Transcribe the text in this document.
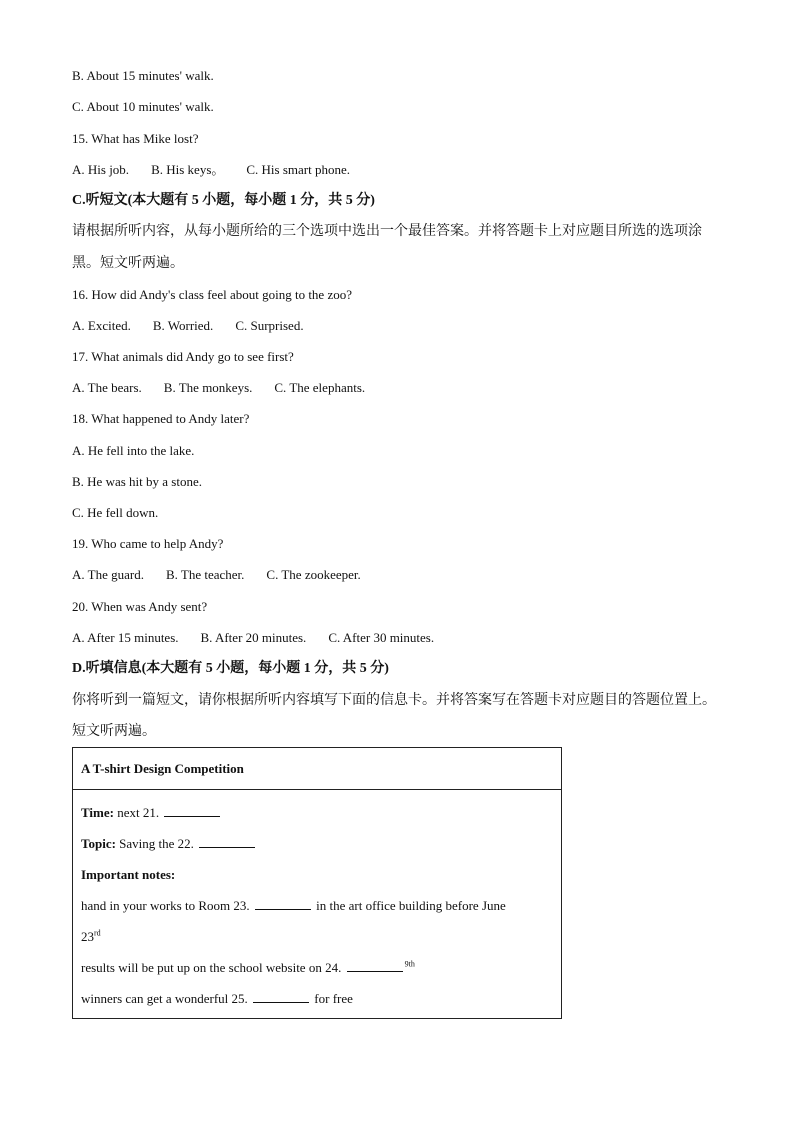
B. About 15 minutes' walk.
C. About 10 minutes' walk.
15. What has Mike lost?
A. His job. B. His keys。 C. His smart phone.
C.听短文(本大题有 5 小题，每小题 1 分，共 5 分)
请根据所听内容，从每小题所给的三个选项中选出一个最佳答案。并将答题卡上对应题目所选的选项涂
黑。短文听两遍。
16. How did Andy's class feel about going to the zoo?
A. Excited. B. Worried. C. Surprised.
17. What animals did Andy go to see first?
A. The bears. B. The monkeys. C. The elephants.
18. What happened to Andy later?
A. He fell into the lake.
B. He was hit by a stone.
C. He fell down.
19. Who came to help Andy?
A. The guard. B. The teacher. C. The zookeeper.
20. When was Andy sent?
A. After 15 minutes. B. After 20 minutes. C. After 30 minutes.
D.听填信息(本大题有 5 小题，每小题 1 分，共 5 分)
你将听到一篇短文，请你根据所听内容填写下面的信息卡。并将答案写在答题卡对应题目的答题位置上。
短文听两遍。
A T-shirt Design Competition
Time: next 21.
Topic: Saving the 22.
Important notes:
hand in your works to Room 23.	in the art office building before June
23rd
results will be put up on the school website on 24.	$^{9th}$
winners can get a wonderful 25.	for free
